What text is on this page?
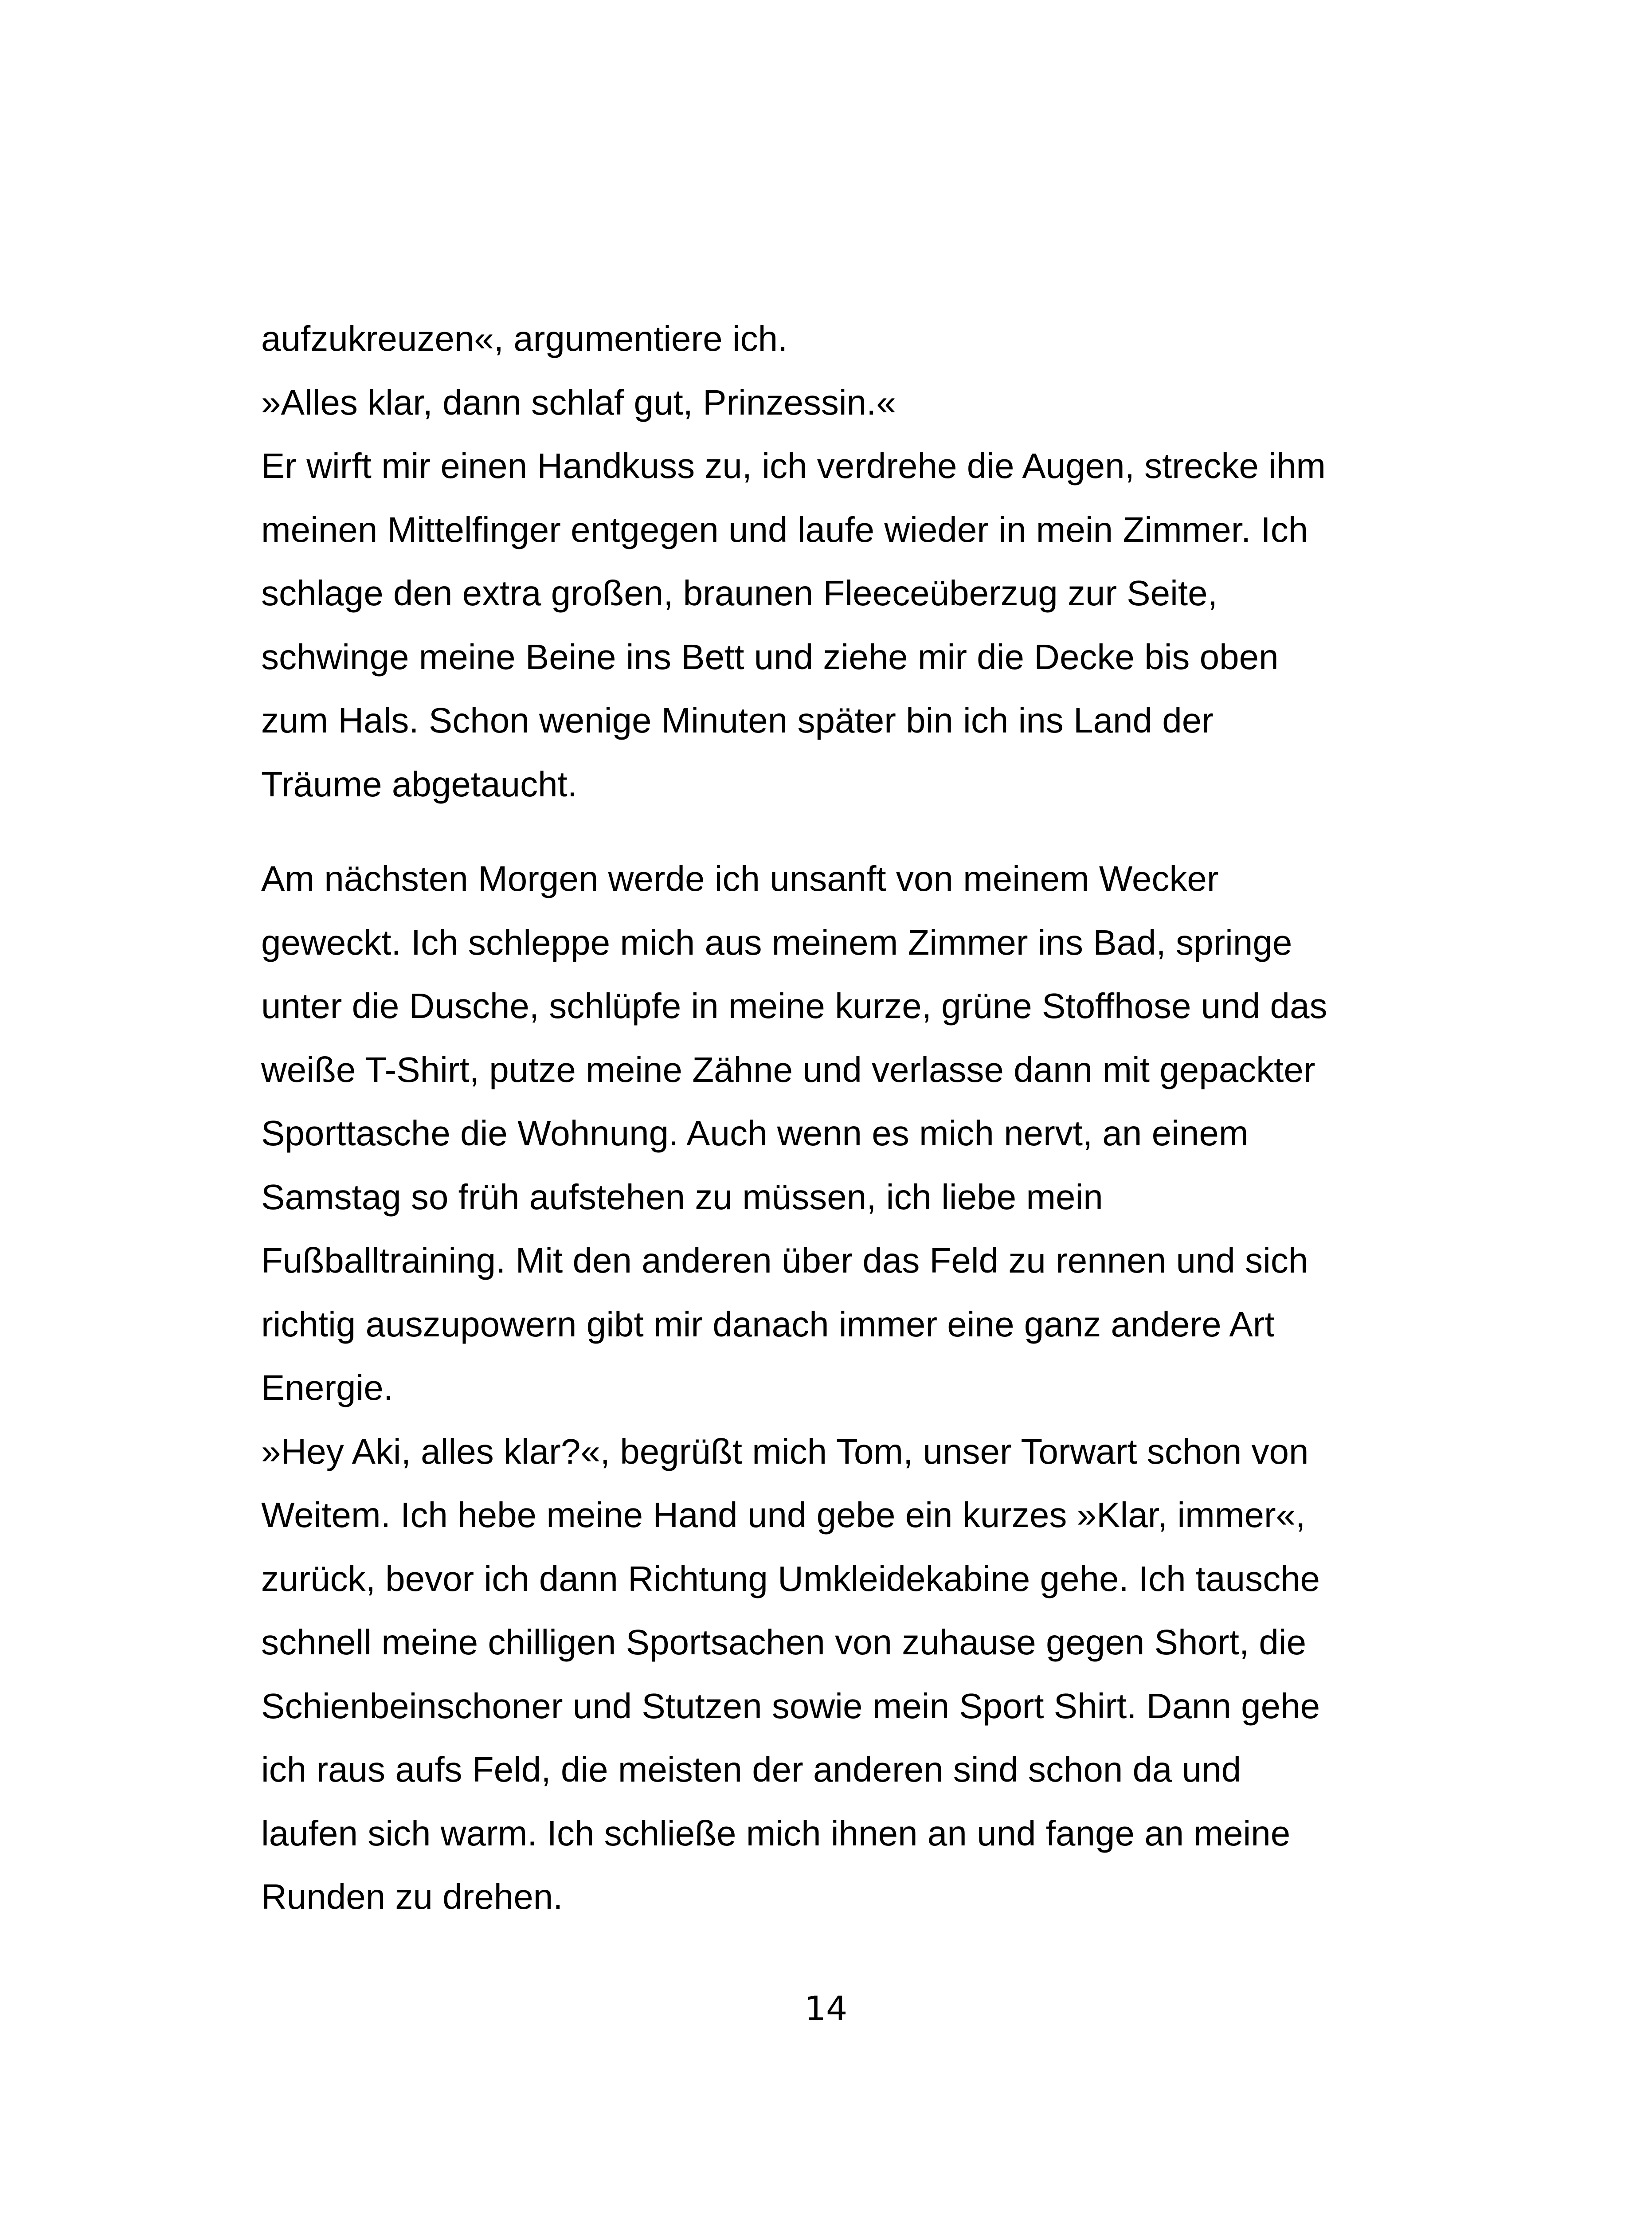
aufzukreuzen«, argumentiere ich.
»Alles klar, dann schlaf gut, Prinzessin.«
Er wirft mir einen Handkuss zu, ich verdrehe die Augen, strecke ihm
meinen Mittelfinger entgegen und laufe wieder in mein Zimmer. Ich
schlage den extra großen, braunen Fleeceüberzug zur Seite,
schwinge meine Beine ins Bett und ziehe mir die Decke bis oben
zum Hals. Schon wenige Minuten später bin ich ins Land der
Träume abgetaucht.
Am nächsten Morgen werde ich unsanft von meinem Wecker
geweckt. Ich schleppe mich aus meinem Zimmer ins Bad, springe
unter die Dusche, schlüpfe in meine kurze, grüne Stoffhose und das
weiße T-Shirt, putze meine Zähne und verlasse dann mit gepackter
Sporttasche die Wohnung. Auch wenn es mich nervt, an einem
Samstag so früh aufstehen zu müssen, ich liebe mein
Fußballtraining. Mit den anderen über das Feld zu rennen und sich
richtig auszupowern gibt mir danach immer eine ganz andere Art
Energie.
»Hey Aki, alles klar?«, begrüßt mich Tom, unser Torwart schon von
Weitem. Ich hebe meine Hand und gebe ein kurzes »Klar, immer«,
zurück, bevor ich dann Richtung Umkleidekabine gehe. Ich tausche
schnell meine chilligen Sportsachen von zuhause gegen Short, die
Schienbeinschoner und Stutzen sowie mein Sport Shirt. Dann gehe
ich raus aufs Feld, die meisten der anderen sind schon da und
laufen sich warm. Ich schließe mich ihnen an und fange an meine
Runden zu drehen.
14
